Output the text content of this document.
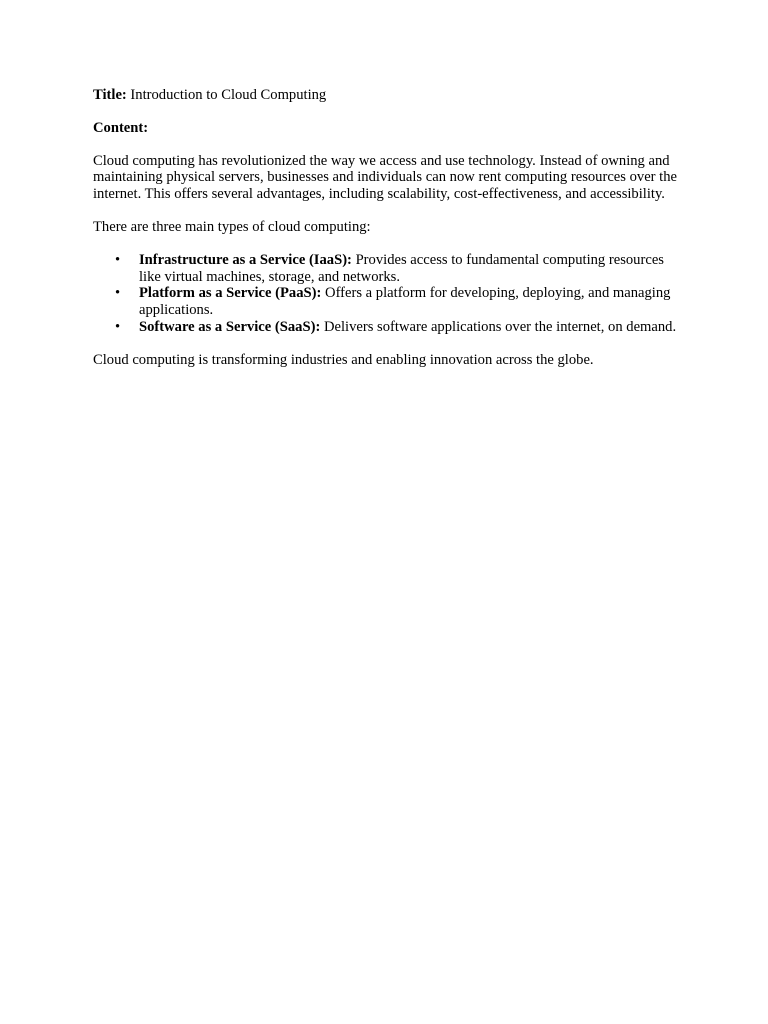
Title: Introduction to Cloud Computing

Content:

Cloud computing has revolutionized the way we access and use technology. Instead of owning and maintaining physical servers, businesses and individuals can now rent computing resources over the internet. This offers several advantages, including scalability, cost-effectiveness, and accessibility.

There are three main types of cloud computing:

• Infrastructure as a Service (IaaS): Provides access to fundamental computing resources like virtual machines, storage, and networks.
• Platform as a Service (PaaS): Offers a platform for developing, deploying, and managing applications.
• Software as a Service (SaaS): Delivers software applications over the internet, on demand.

Cloud computing is transforming industries and enabling innovation across the globe.
